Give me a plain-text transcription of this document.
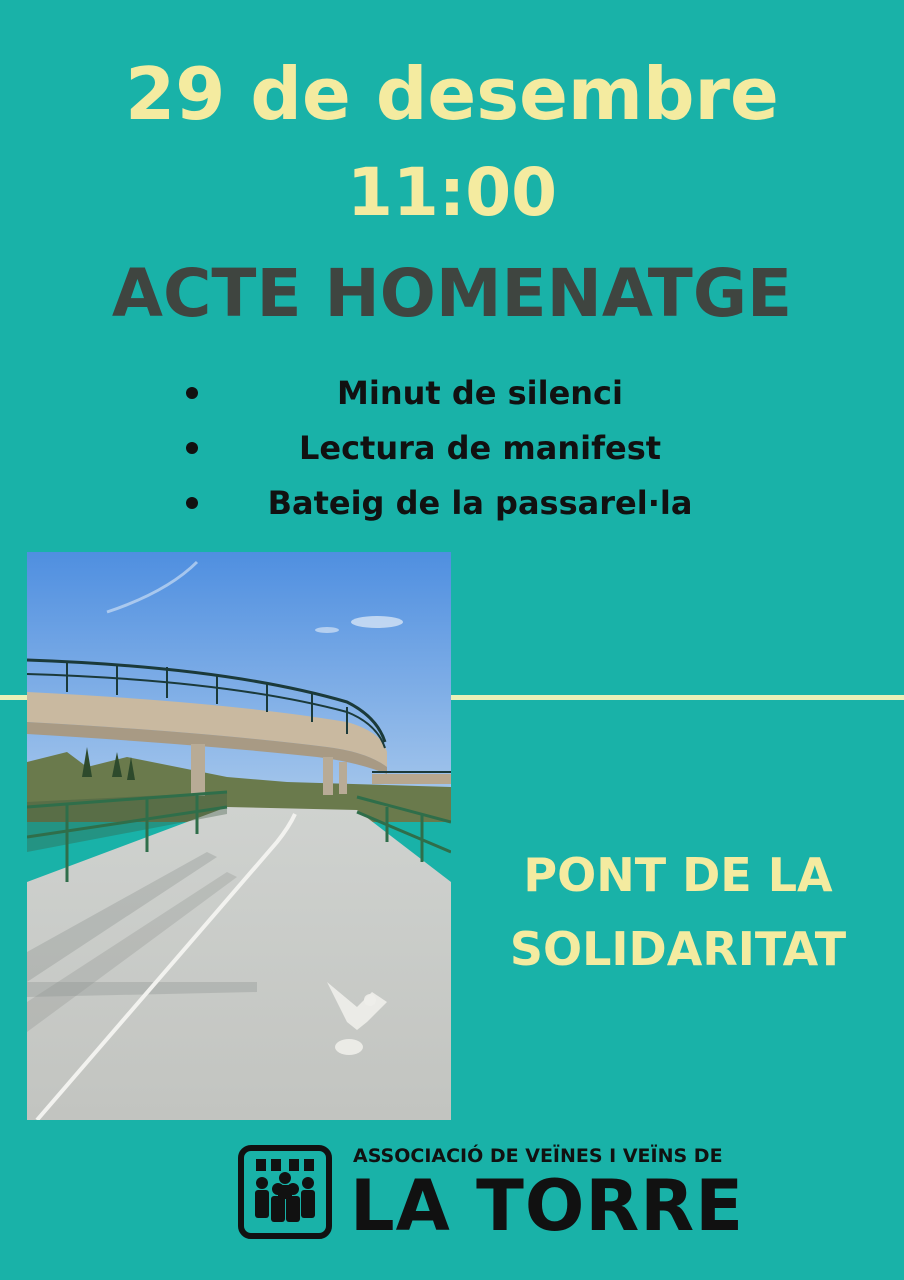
29 de desembre
11:00
ACTE HOMENATGE
Minut de silenci
Lectura de manifest
Bateig de la passarel·la
PONT DE LA
SOLIDARITAT
ASSOCIACIÓ DE VEÏNES I VEÏNS DE
LA TORRE
